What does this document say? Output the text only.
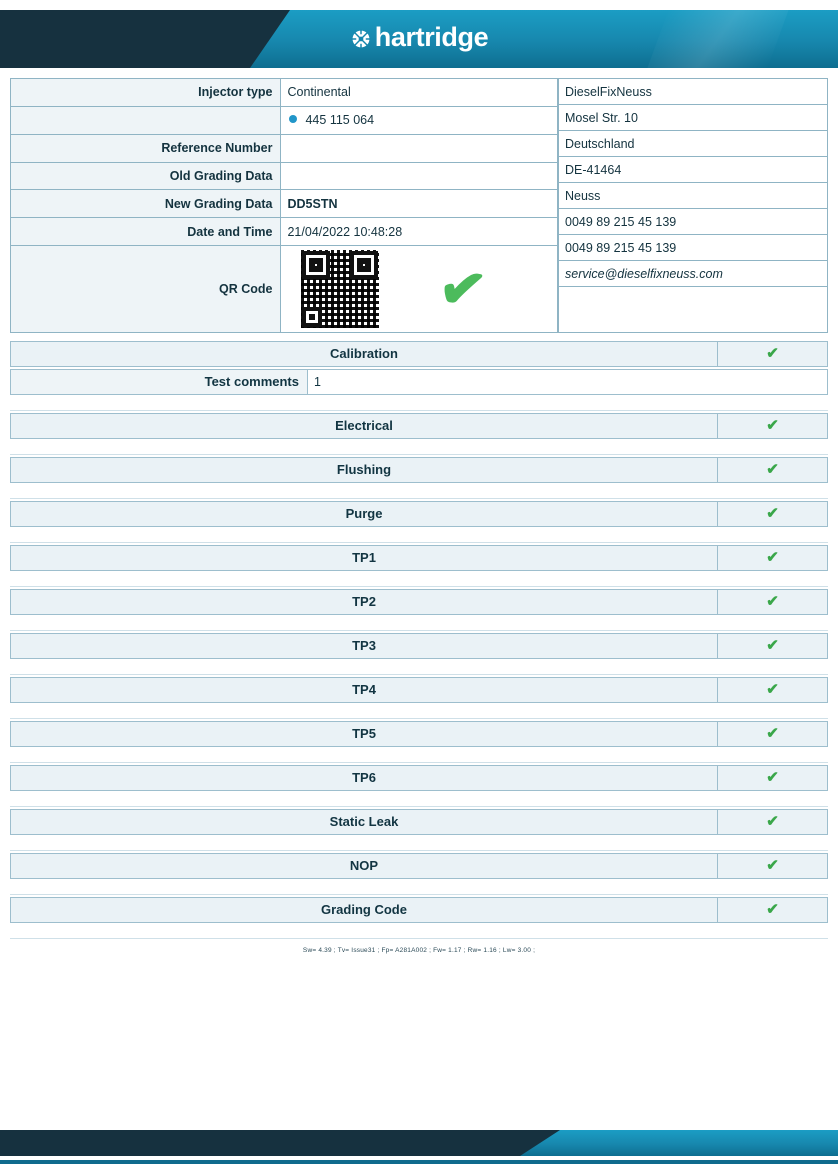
hartridge
Injector type	Continental
	445 115 064
Reference Number	
Old Grading Data	
New Grading Data	DD5STN
Date and Time	21/04/2022 10:48:28
QR Code	✔
DieselFixNeuss
Mosel Str. 10
Deutschland
DE-41464
Neuss
0049 89 215 45 139
0049 89 215 45 139
service@dieselfixneuss.com

Calibration	✔
Test comments	1
Electrical	✔
Flushing	✔
Purge	✔
TP1	✔
TP2	✔
TP3	✔
TP4	✔
TP5	✔
TP6	✔
Static Leak	✔
NOP	✔
Grading Code	✔
Sw= 4.39 ; Tv= Issue31 ; Fp= A281A002 ; Fw= 1.17 ; Rw= 1.16 ; Lw= 3.00 ;
